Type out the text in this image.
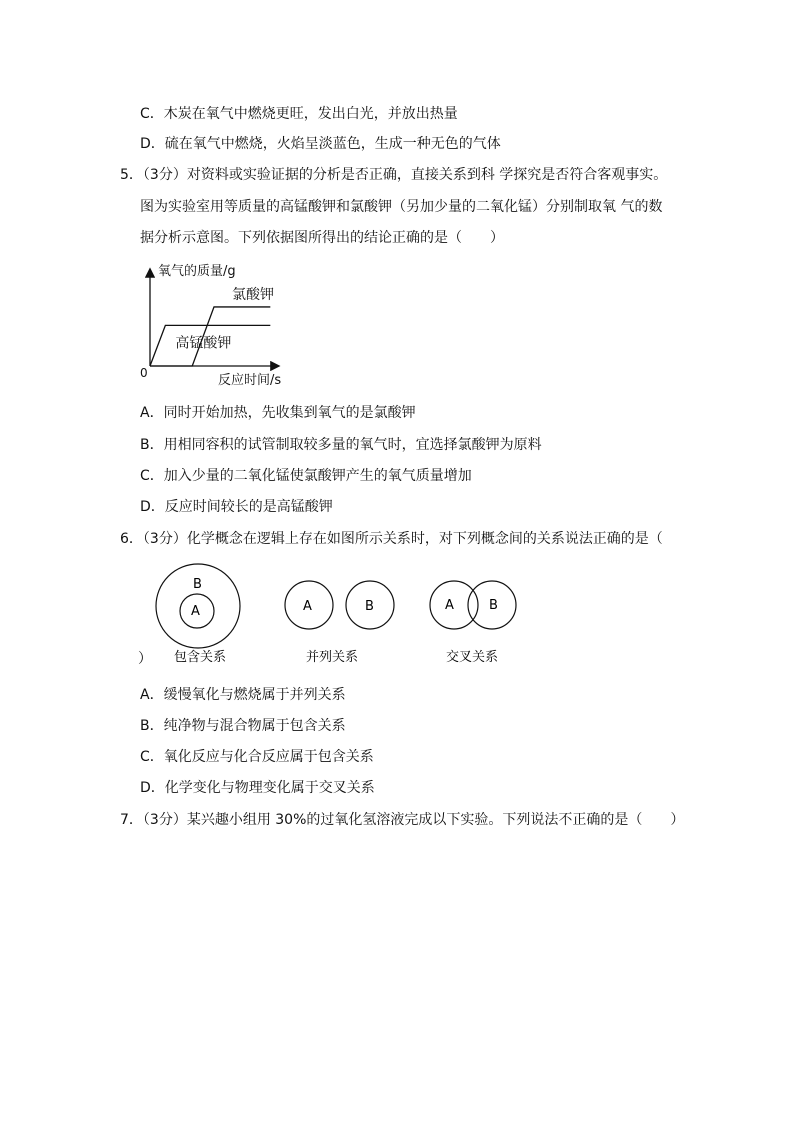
C．木炭在氧气中燃烧更旺，发出白光，并放出热量
D．硫在氧气中燃烧，火焰呈淡蓝色，生成一种无色的气体
5．（3分）对资料或实验证据的分析是否正确，直接关系到科 学探究是否符合客观事实。
图为实验室用等质量的高锰酸钾和氯酸钾（另加少量的二氧化锰）分别制取氧 气的数
据分析示意图。下列依据图所得出的结论正确的是（　　）
氧气的质量/g
反应时间/s
0
氯酸钾
高锰酸钾
A．同时开始加热，先收集到氧气的是氯酸钾
B．用相同容积的试管制取较多量的氧气时，宜选择氯酸钾为原料
C．加入少量的二氧化锰使氯酸钾产生的氧气质量增加
D．反应时间较长的是高锰酸钾
6．（3分）化学概念在逻辑上存在如图所示关系时，对下列概念间的关系说法正确的是（
B
A
包含关系
A	B
并列关系
A	B
交叉关系
）
A．缓慢氧化与燃烧属于并列关系
B．纯净物与混合物属于包含关系
C．氧化反应与化合反应属于包含关系
D．化学变化与物理变化属于交叉关系
7．（3分）某兴趣小组用 30%的过氧化氢溶液完成以下实验。下列说法不正确的是（　　）
